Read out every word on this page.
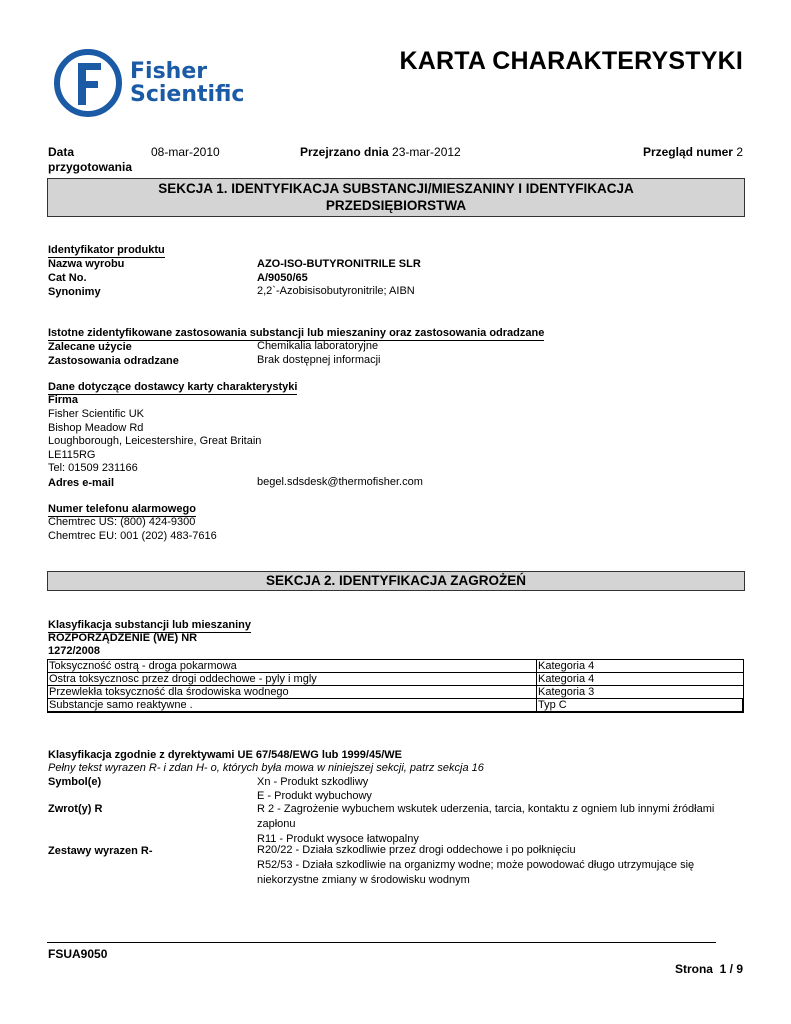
Fisher
Scientific
KARTA CHARAKTERYSTYKI
Data
przygotowania
08-mar-2010	Przejrzano dnia 23-mar-2012	Przegląd numer 2
SEKCJA 1. IDENTYFIKACJA SUBSTANCJI/MIESZANINY I IDENTYFIKACJA
PRZEDSIĘBIORSTWA
Identyfikator produktu
Nazwa wyrobu	AZO-ISO-BUTYRONITRILE SLR
Cat No.	A/9050/65
Synonimy	2,2`-Azobisisobutyronitrile; AIBN
Istotne zidentyfikowane zastosowania substancji lub mieszaniny oraz zastosowania odradzane
Zalecane użycie	Chemikalia laboratoryjne
Zastosowania odradzane	Brak dostępnej informacji
Dane dotyczące dostawcy karty charakterystyki
Firma
Fisher Scientific UK
Bishop Meadow Rd
Loughborough, Leicestershire, Great Britain
LE115RG
Tel: 01509 231166
Adres e-mail	begel.sdsdesk@thermofisher.com
Numer telefonu alarmowego
Chemtrec US: (800) 424-9300
Chemtrec EU: 001 (202) 483-7616
SEKCJA 2. IDENTYFIKACJA ZAGROŻEŃ
Klasyfikacja substancji lub mieszaniny
ROZPORZĄDZENIE (WE) NR
1272/2008
Toksyczność ostrą - droga pokarmowa	Kategoria 4
Ostra toksycznosc przez drogi oddechowe - pyly i mgly	Kategoria 4
Przewlekła toksyczność dla środowiska wodnego	Kategoria 3
Substancje samo reaktywne .	Typ C
Klasyfikacja zgodnie z dyrektywami UE 67/548/EWG lub 1999/45/WE
Pełny tekst wyrazen R- i zdan H- o, których była mowa w niniejszej sekcji, patrz sekcja 16
Symbol(e)	Xn - Produkt szkodliwy
E - Produkt wybuchowy
Zwrot(y) R	R 2 - Zagrożenie wybuchem wskutek uderzenia, tarcia, kontaktu z ogniem lub innymi źródłami zapłonu
R11 - Produkt wysoce łatwopalny
Zestawy wyrazen R-	R20/22 - Działa szkodliwie przez drogi oddechowe i po połknięciu
R52/53 - Działa szkodliwie na organizmy wodne; może powodować długo utrzymujące się niekorzystne zmiany w środowisku wodnym
FSUA9050
Strona 1 / 9
